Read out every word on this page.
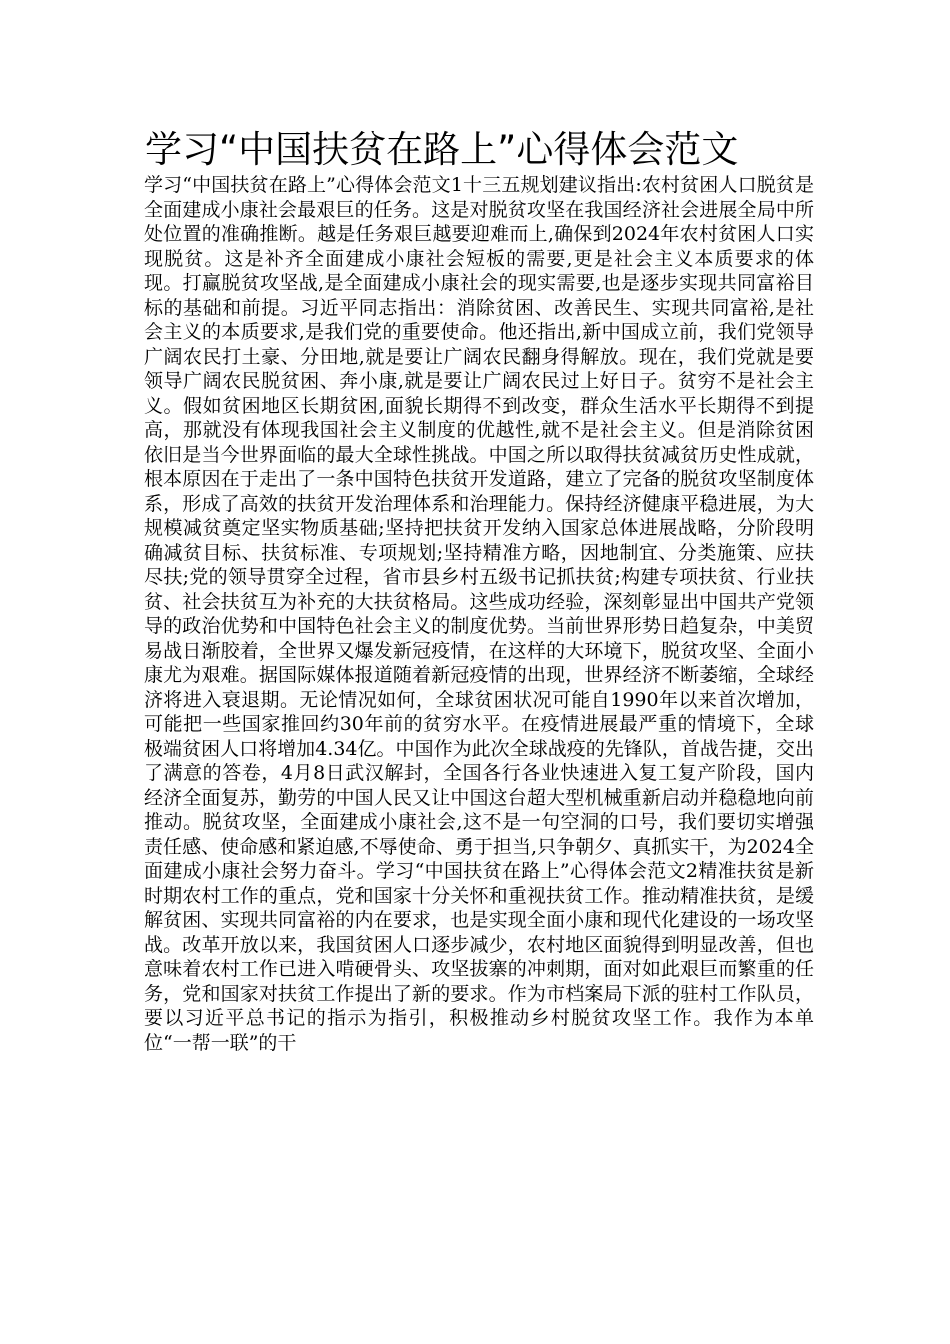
学习“中国扶贫在路上”心得体会范文

学习“中国扶贫在路上”心得体会范文1十三五规划建议指出:农村贫困人口脱贫是全面建成小康社会最艰巨的任务。这是对脱贫攻坚在我国经济社会进展全局中所处位置的准确推断。越是任务艰巨越要迎难而上,确保到2024年农村贫困人口实现脱贫。这是补齐全面建成小康社会短板的需要,更是社会主义本质要求的体现。打赢脱贫攻坚战,是全面建成小康社会的现实需要,也是逐步实现共同富裕目标的基础和前提。习近平同志指出：消除贫困、改善民生、实现共同富裕,是社会主义的本质要求,是我们党的重要使命。他还指出,新中国成立前，我们党领导广阔农民打土豪、分田地,就是要让广阔农民翻身得解放。现在，我们党就是要领导广阔农民脱贫困、奔小康,就是要让广阔农民过上好日子。贫穷不是社会主义。假如贫困地区长期贫困,面貌长期得不到改变，群众生活水平长期得不到提高，那就没有体现我国社会主义制度的优越性,就不是社会主义。但是消除贫困依旧是当今世界面临的最大全球性挑战。中国之所以取得扶贫减贫历史性成就，根本原因在于走出了一条中国特色扶贫开发道路，建立了完备的脱贫攻坚制度体系，形成了高效的扶贫开发治理体系和治理能力。保持经济健康平稳进展，为大规模减贫奠定坚实物质基础;坚持把扶贫开发纳入国家总体进展战略，分阶段明确减贫目标、扶贫标准、专项规划;坚持精准方略，因地制宜、分类施策、应扶尽扶;党的领导贯穿全过程，省市县乡村五级书记抓扶贫;构建专项扶贫、行业扶贫、社会扶贫互为补充的大扶贫格局。这些成功经验，深刻彰显出中国共产党领导的政治优势和中国特色社会主义的制度优势。当前世界形势日趋复杂，中美贸易战日渐胶着，全世界又爆发新冠疫情，在这样的大环境下，脱贫攻坚、全面小康尤为艰难。据国际媒体报道随着新冠疫情的出现，世界经济不断萎缩，全球经济将进入衰退期。无论情况如何，全球贫困状况可能自1990年以来首次增加，可能把一些国家推回约30年前的贫穷水平。在疫情进展最严重的情境下，全球极端贫困人口将增加4.34亿。中国作为此次全球战疫的先锋队，首战告捷，交出了满意的答卷，4月8日武汉解封，全国各行各业快速进入复工复产阶段，国内经济全面复苏，勤劳的中国人民又让中国这台超大型机械重新启动并稳稳地向前推动。脱贫攻坚，全面建成小康社会,这不是一句空洞的口号，我们要切实增强责任感、使命感和紧迫感,不辱使命、勇于担当,只争朝夕、真抓实干，为2024全面建成小康社会努力奋斗。学习“中国扶贫在路上”心得体会范文2精准扶贫是新时期农村工作的重点，党和国家十分关怀和重视扶贫工作。推动精准扶贫，是缓解贫困、实现共同富裕的内在要求，也是实现全面小康和现代化建设的一场攻坚战。改革开放以来，我国贫困人口逐步减少，农村地区面貌得到明显改善，但也意味着农村工作已进入啃硬骨头、攻坚拔寨的冲刺期，面对如此艰巨而繁重的任务，党和国家对扶贫工作提出了新的要求。作为市档案局下派的驻村工作队员，要以习近平总书记的指示为指引，积极推动乡村脱贫攻坚工作。我作为本单位“一帮一联”的干
